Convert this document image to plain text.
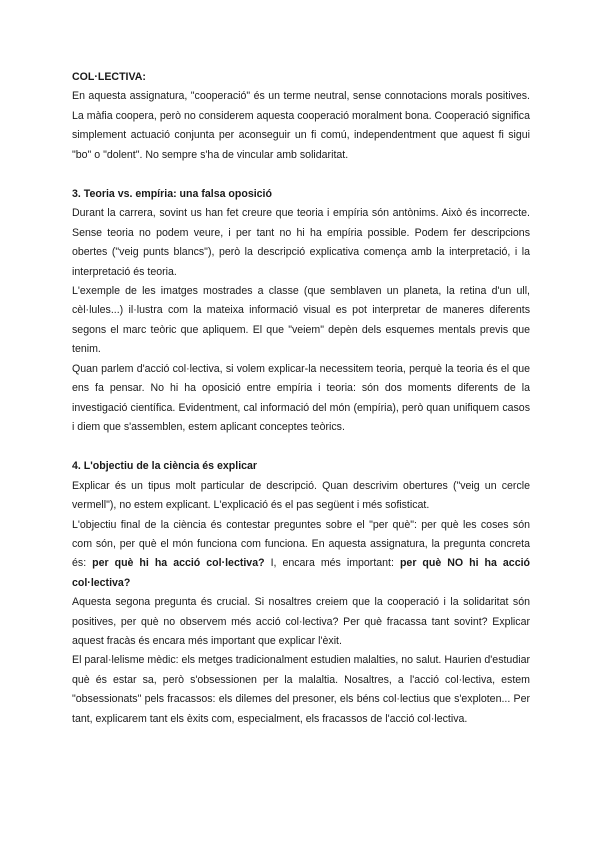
COL·LECTIVA:

En aquesta assignatura, "cooperació" és un terme neutral, sense connotacions morals positives. La màfia coopera, però no considerem aquesta cooperació moralment bona. Cooperació significa simplement actuació conjunta per aconseguir un fi comú, independentment que aquest fi sigui "bo" o "dolent". No sempre s'ha de vincular amb solidaritat.

3. Teoria vs. empíria: una falsa oposició

Durant la carrera, sovint us han fet creure que teoria i empíria són antònims. Això és incorrecte. Sense teoria no podem veure, i per tant no hi ha empíria possible. Podem fer descripcions obertes ("veig punts blancs"), però la descripció explicativa comença amb la interpretació, i la interpretació és teoria.

L'exemple de les imatges mostrades a classe (que semblaven un planeta, la retina d'un ull, cèl·lules...) il·lustra com la mateixa informació visual es pot interpretar de maneres diferents segons el marc teòric que apliquem. El que "veiem" depèn dels esquemes mentals previs que tenim.

Quan parlem d'acció col·lectiva, si volem explicar-la necessitem teoria, perquè la teoria és el que ens fa pensar. No hi ha oposició entre empíria i teoria: són dos moments diferents de la investigació científica. Evidentment, cal informació del món (empíria), però quan unifiquem casos i diem que s'assemblen, estem aplicant conceptes teòrics.

4. L'objectiu de la ciència és explicar

Explicar és un tipus molt particular de descripció. Quan descrivim obertures ("veig un cercle vermell"), no estem explicant. L'explicació és el pas següent i més sofisticat.

L'objectiu final de la ciència és contestar preguntes sobre el "per què": per què les coses són com són, per què el món funciona com funciona. En aquesta assignatura, la pregunta concreta és: per què hi ha acció col·lectiva? I, encara més important: per què NO hi ha acció col·lectiva?

Aquesta segona pregunta és crucial. Si nosaltres creiem que la cooperació i la solidaritat són positives, per què no observem més acció col·lectiva? Per què fracassa tant sovint? Explicar aquest fracàs és encara més important que explicar l'èxit.

El paral·lelisme mèdic: els metges tradicionalment estudien malalties, no salut. Haurien d'estudiar què és estar sa, però s'obsessionen per la malaltia. Nosaltres, a l'acció col·lectiva, estem "obsessionats" pels fracassos: els dilemes del presoner, els béns col·lectius que s'exploten... Per tant, explicarem tant els èxits com, especialment, els fracassos de l'acció col·lectiva.
